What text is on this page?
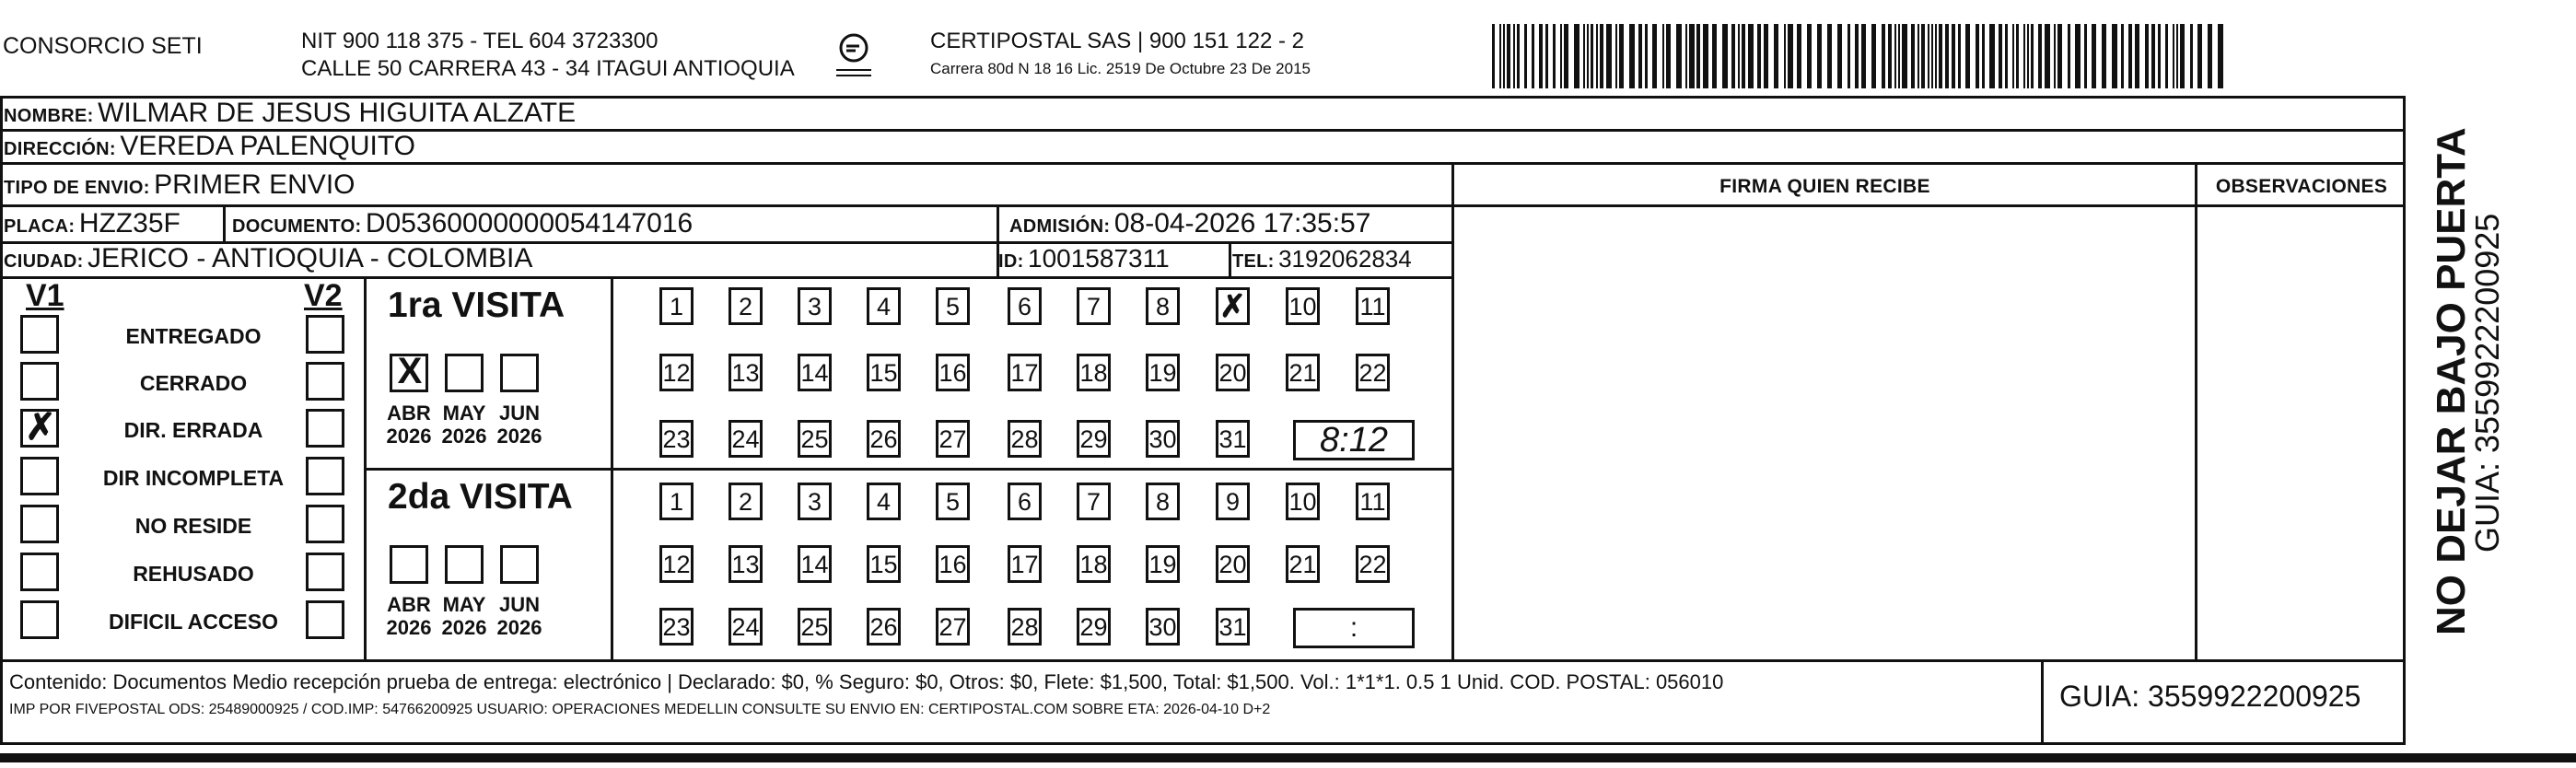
CONSORCIO SETI	NIT 900 118 375 - TEL 604 3723300
CALLE 50 CARRERA 43 - 34 ITAGUI ANTIOQUIA
CERTIPOSTAL SAS | 900 151 122 - 2
Carrera 80d N 18 16 Lic. 2519 De Octubre 23 De 2015
NOMBRE: WILMAR DE JESUS HIGUITA ALZATE
DIRECCIÓN: VEREDA PALENQUITO
TIPO DE ENVIO: PRIMER ENVIO
PLACA: HZZ35F	DOCUMENTO: D05360000000054147016	ADMISIÓN: 08-04-2026 17:35:57
CIUDAD: JERICO - ANTIOQUIA - COLOMBIA	ID: 1001587311	TEL: 3192062834
FIRMA QUIEN RECIBE	OBSERVACIONES
V1	V2
ENTREGADO
CERRADO
✗	DIR. ERRADA
DIR INCOMPLETA
NO RESIDE
REHUSADO
DIFICIL ACCESO
1ra VISITA
2da VISITA
X
ABR
2026
MAY
2026
JUN
2026
ABR
2026
MAY
2026
JUN
2026
1	2	3	4	5	6	7	8	✗ 10 11
12 13 14 15 16 17 18 19 20 21 22
23 24 25 26 27 28 29 30 31	8:12
1	2	3	4	5	6	7	8	9	10 11
12 13 14 15 16 17 18 19 20 21 22
23 24 25 26 27 28 29 30 31	:
Contenido: Documentos Medio recepción prueba de entrega: electrónico | Declarado: $0, % Seguro: $0, Otros: $0, Flete: $1,500, Total: $1,500. Vol.: 1*1*1. 0.5 1 Unid. COD. POSTAL: 056010
IMP POR FIVEPOSTAL ODS: 25489000925 / COD.IMP: 54766200925 USUARIO: OPERACIONES MEDELLIN CONSULTE SU ENVIO EN: CERTIPOSTAL.COM SOBRE ETA: 2026-04-10 D+2	GUIA: 3559922200925
NO DEJAR BAJO PUERTA
GUIA: 3559922200925
